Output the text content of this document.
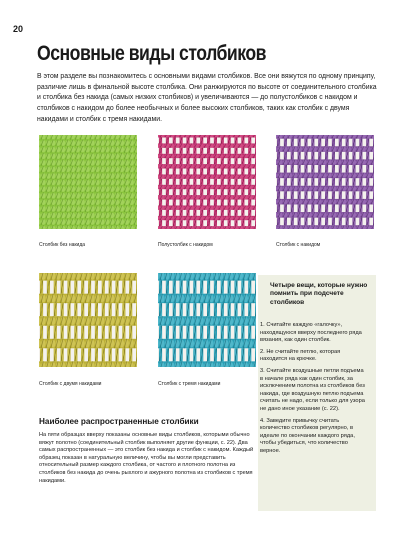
20
Основные виды столбиков

В этом разделе вы познакомитесь с основными видами столбиков. Все они вяжутся по одному принципу, различие лишь в финальной высоте столбика. Они ранжируются по высоте от соединительного столбика и столбика без накида (самых низких столбиков) и увеличиваются — до полустолбиков с накидом и столбиков с накидом до более необычных и более высоких столбиков, таких как столбик с двумя накидами и столбик с тремя накидами.

Столбик без накида	Полустолбик с накидом	Столбик с накидом
Столбик с двумя накидами	Столбик с тремя накидами

Четыре вещи, которые нужно помнить при подсчете столбиков

1. Считайте каждую «галочку», находящуюся вверху последнего ряда вязания, как один столбик.
2. Не считайте петлю, которая находится на крючке.
3. Считайте воздушные петли подъема в начале ряда как один столбик, за исключением полотна из столбиков без накида, где воздушную петлю подъема считать не надо, если только для узора не дано иное указание (с. 22).
4. Заведите привычку считать количество столбиков регулярно, в идеале по окончании каждого ряда, чтобы убедиться, что количество верное.
Наиболее распространенные столбики

На пяти образцах вверху показаны основные виды столбиков, которыми обычно вяжут полотно (соединительный столбик выполняет другие функции, с. 22). Два самых распространенных — это столбик без накида и столбик с накидом. Каждый образец показан в натуральную величину, чтобы вы могли представить относительный размер каждого столбика, от частого и плотного полотна из столбиков без накида до очень рыхлого и ажурного полотна из столбиков с тремя накидами.
